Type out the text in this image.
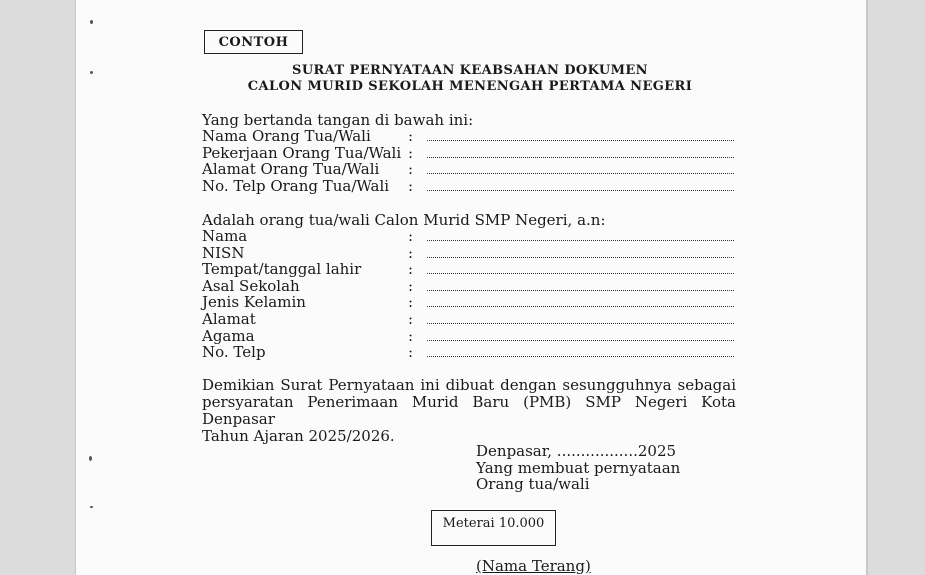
CONTOH
SURAT PERNYATAAN KEABSAHAN DOKUMEN
CALON MURID SEKOLAH MENENGAH PERTAMA NEGERI
Yang bertanda tangan di bawah ini:
Nama Orang Tua/Wali :
Pekerjaan Orang Tua/Wali :
Alamat Orang Tua/Wali :
No. Telp Orang Tua/Wali :
Adalah orang tua/wali Calon Murid SMP Negeri, a.n:
Nama	:
NISN	:
Tempat/tanggal lahir	:
Asal Sekolah	:
Jenis Kelamin	:
Alamat	:
Agama	:
No. Telp	:

Demikian Surat Pernyataan ini dibuat dengan sesungguhnya sebagai

persyaratan Penerimaan Murid Baru (PMB) SMP Negeri Kota Denpasar

Tahun Ajaran 2025/2026.

Denpasar, .................2025
Yang membuat pernyataan
Orang tua/wali
Meterai 10.000
(Nama Terang)
